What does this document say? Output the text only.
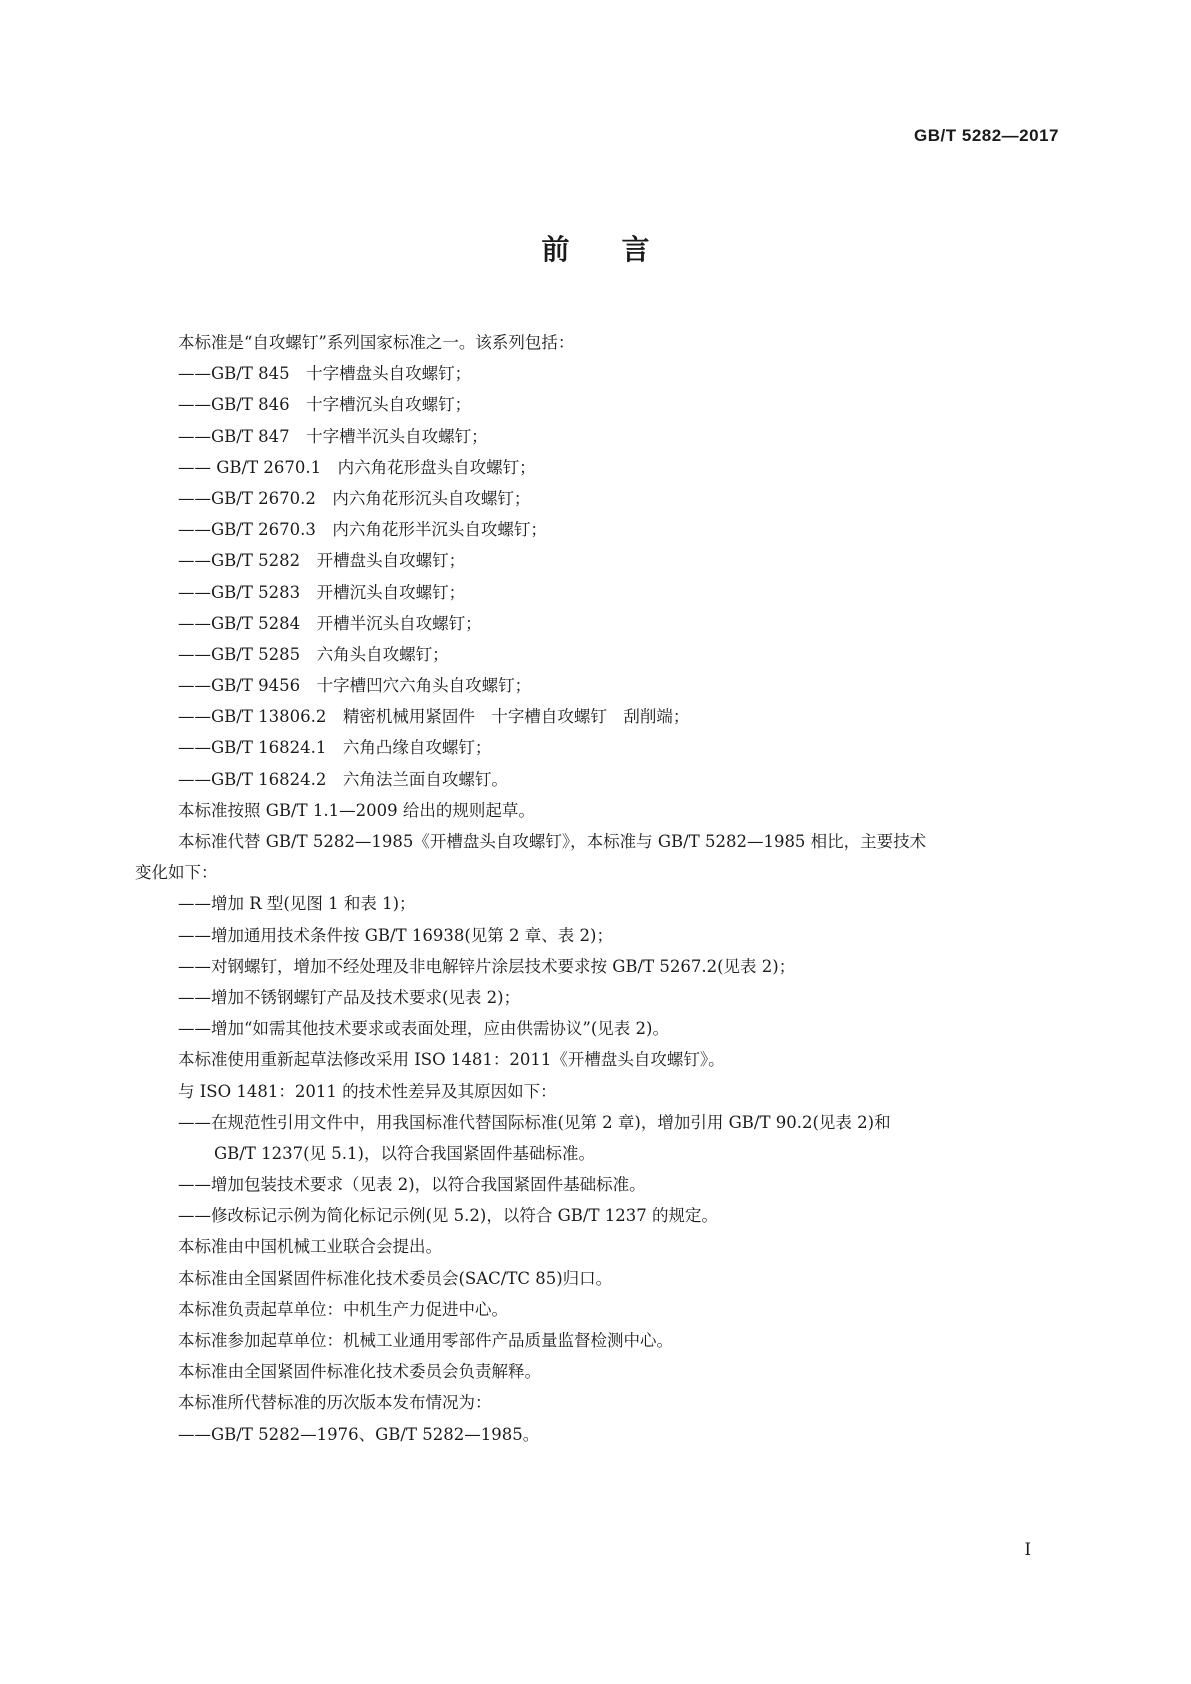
GB/T 5282—2017
前言
本标准是“自攻螺钉”系列国家标准之一。该系列包括：
——GB/T 845　十字槽盘头自攻螺钉；
——GB/T 846　十字槽沉头自攻螺钉；
——GB/T 847　十字槽半沉头自攻螺钉；
—— GB/T 2670.1　内六角花形盘头自攻螺钉；
——GB/T 2670.2　内六角花形沉头自攻螺钉；
——GB/T 2670.3　内六角花形半沉头自攻螺钉；
——GB/T 5282　开槽盘头自攻螺钉；
——GB/T 5283　开槽沉头自攻螺钉；
——GB/T 5284　开槽半沉头自攻螺钉；
——GB/T 5285　六角头自攻螺钉；
——GB/T 9456　十字槽凹穴六角头自攻螺钉；
——GB/T 13806.2　精密机械用紧固件　十字槽自攻螺钉　刮削端；
——GB/T 16824.1　六角凸缘自攻螺钉；
——GB/T 16824.2　六角法兰面自攻螺钉。
本标准按照 GB/T 1.1—2009 给出的规则起草。
本标准代替 GB/T 5282—1985《开槽盘头自攻螺钉》，本标准与 GB/T 5282—1985 相比，主要技术
变化如下：
——增加 R 型(见图 1 和表 1)；
——增加通用技术条件按 GB/T 16938(见第 2 章、表 2)；
——对钢螺钉，增加不经处理及非电解锌片涂层技术要求按 GB/T 5267.2(见表 2)；
——增加不锈钢螺钉产品及技术要求(见表 2)；
——增加“如需其他技术要求或表面处理，应由供需协议”(见表 2)。
本标准使用重新起草法修改采用 ISO 1481：2011《开槽盘头自攻螺钉》。
与 ISO 1481：2011 的技术性差异及其原因如下：
——在规范性引用文件中，用我国标准代替国际标准(见第 2 章)，增加引用 GB/T 90.2(见表 2)和
GB/T 1237(见 5.1)，以符合我国紧固件基础标准。
——增加包装技术要求（见表 2)，以符合我国紧固件基础标准。
——修改标记示例为简化标记示例(见 5.2)，以符合 GB/T 1237 的规定。
本标准由中国机械工业联合会提出。
本标准由全国紧固件标准化技术委员会(SAC/TC 85)归口。
本标准负责起草单位：中机生产力促进中心。
本标准参加起草单位：机械工业通用零部件产品质量监督检测中心。
本标准由全国紧固件标准化技术委员会负责解释。
本标准所代替标准的历次版本发布情况为：
——GB/T 5282—1976、GB/T 5282—1985。
I
